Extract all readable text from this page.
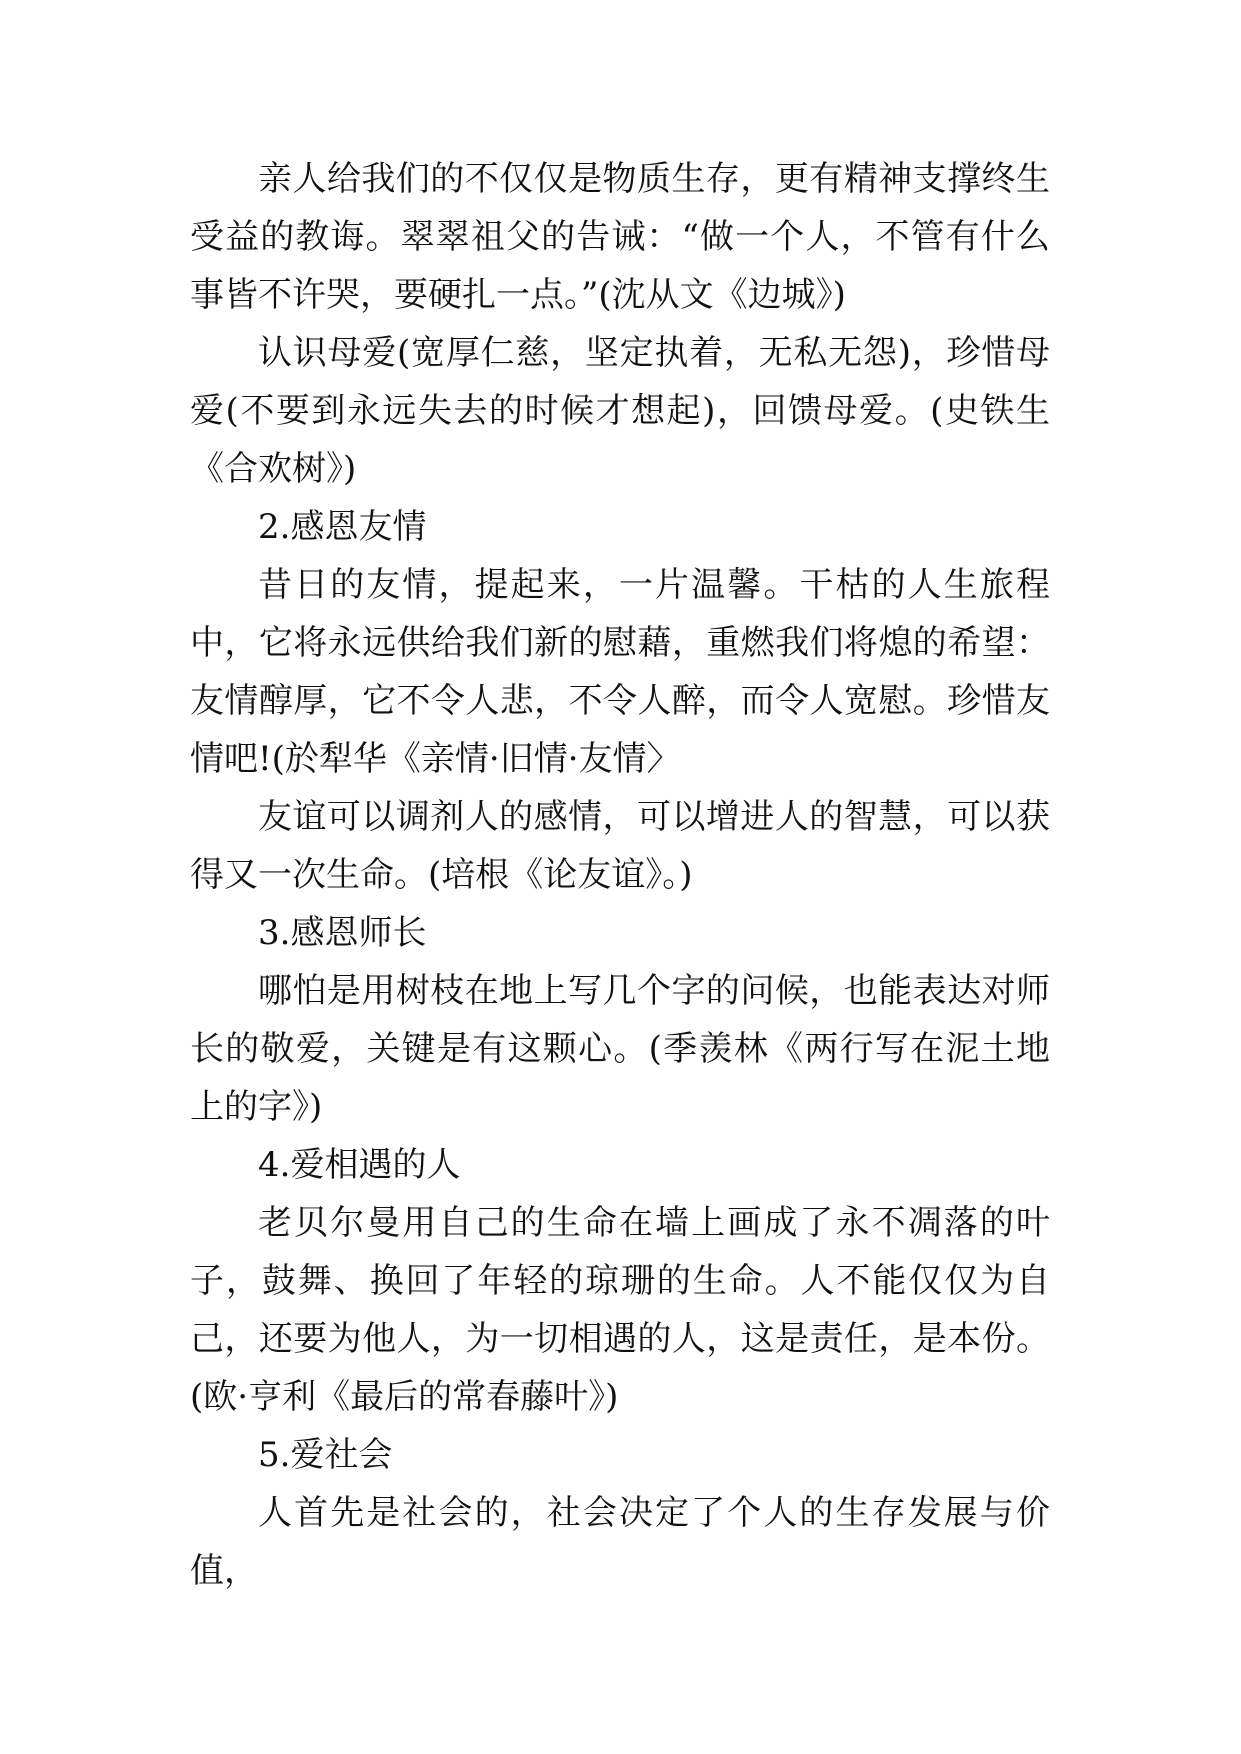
亲人给我们的不仅仅是物质生存，更有精神支撑终生受益的教诲。翠翠祖父的告诫：“做一个人，不管有什么事皆不许哭，要硬扎一点。”(沈从文《边城》)

认识母爱(宽厚仁慈，坚定执着，无私无怨)，珍惜母爱(不要到永远失去的时候才想起)，回馈母爱。(史铁生《合欢树》)

2.感恩友情

昔日的友情，提起来，一片温馨。干枯的人生旅程中，它将永远供给我们新的慰藉，重燃我们将熄的希望：友情醇厚，它不令人悲，不令人醉，而令人宽慰。珍惜友情吧!(於犁华《亲情·旧情·友情〉

友谊可以调剂人的感情，可以增进人的智慧，可以获得又一次生命。(培根《论友谊》。)

3.感恩师长

哪怕是用树枝在地上写几个字的问候，也能表达对师长的敬爱，关键是有这颗心。(季羡林《两行写在泥土地上的字》)

4.爱相遇的人

老贝尔曼用自己的生命在墙上画成了永不凋落的叶子，鼓舞、换回了年轻的琼珊的生命。人不能仅仅为自己，还要为他人，为一切相遇的人，这是责任，是本份。(欧·亨利《最后的常春藤叶》)

5.爱社会

人首先是社会的，社会决定了个人的生存发展与价值，
